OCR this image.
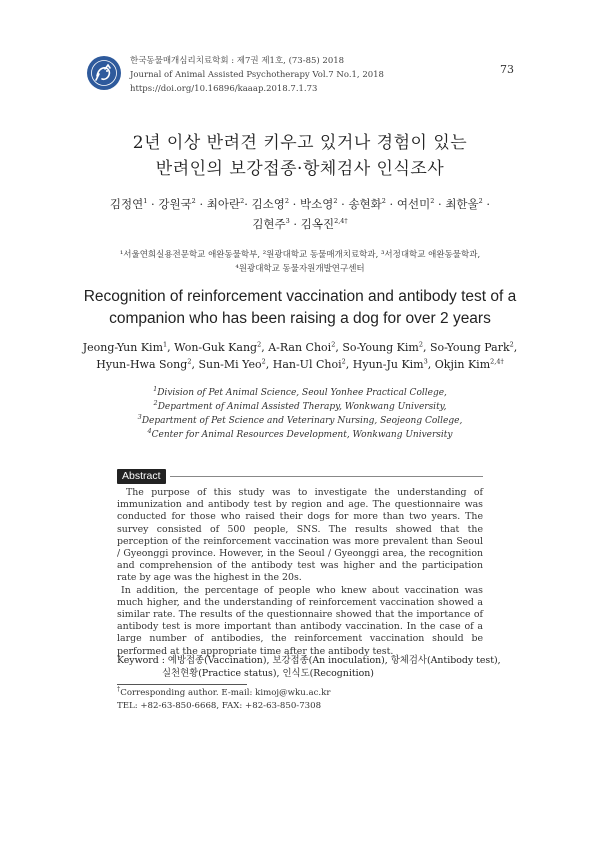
한국동물매개심리치료학회 : 제7권 제1호, (73-85) 2018
Journal of Animal Assisted Psychotherapy Vol.7 No.1, 2018
https://doi.org/10.16896/kaaap.2018.7.1.73
73
2년 이상 반려견 키우고 있거나 경험이 있는
반려인의 보강접종·항체검사 인식조사
김정연$^1$ · 강원국$^2$ · 최아란$^2$· 김소영$^2$ · 박소영$^2$ · 송현화$^2$ · 여선미$^2$ · 최한울$^2$ ·
김현주$^3$ · 김옥진$^{2,4\dagger}$
¹서울연희실용전문학교 애완동물학부, ²원광대학교 동물매개치료학과, ³서정대학교 애완동물학과,
⁴원광대학교 동물자원개발연구센터
Recognition of reinforcement vaccination and antibody test of a
companion who has been raising a dog for over 2 years
Jeong-Yun Kim$^1$, Won-Guk Kang$^2$, A-Ran Choi$^2$, So-Young Kim$^2$, So-Young Park$^2$,
Hyun-Hwa Song$^2$, Sun-Mi Yeo$^2$, Han-Ul Choi$^2$, Hyun-Ju Kim$^3$, Okjin Kim$^{2,4\dagger}$
$^1$Division of Pet Animal Science, Seoul Yonhee Practical College,
$^2$Department of Animal Assisted Therapy, Wonkwang University,
$^3$Department of Pet Science and Veterinary Nursing, Seojeong College,
$^4$Center for Animal Resources Development, Wonkwang University
Abstract

The purpose of this study was to investigate the understanding of immunization and antibody test by region and age. The questionnaire was conducted for those who raised their dogs for more than two years. The survey consisted of 500 people, SNS. The results showed that the perception of the reinforcement vaccination was more prevalent than Seoul / Gyeonggi province. However, in the Seoul / Gyeonggi area, the recognition and comprehension of the antibody test was higher and the participation rate by age was the highest in the 20s.

In addition, the percentage of people who knew about vaccination was much higher, and the understanding of reinforcement vaccination showed a similar rate. The results of the questionnaire showed that the importance of antibody test is more important than antibody vaccination. In the case of a large number of antibodies, the reinforcement vaccination should be performed at the appropriate time after the antibody test.

Keyword : 예방접종(Vaccination), 보강접종(An inoculation), 항체검사(Antibody test),
실천현황(Practice status), 인식도(Recognition)
†Corresponding author. E-mail: kimoj@wku.ac.kr
TEL: +82-63-850-6668, FAX: +82-63-850-7308
